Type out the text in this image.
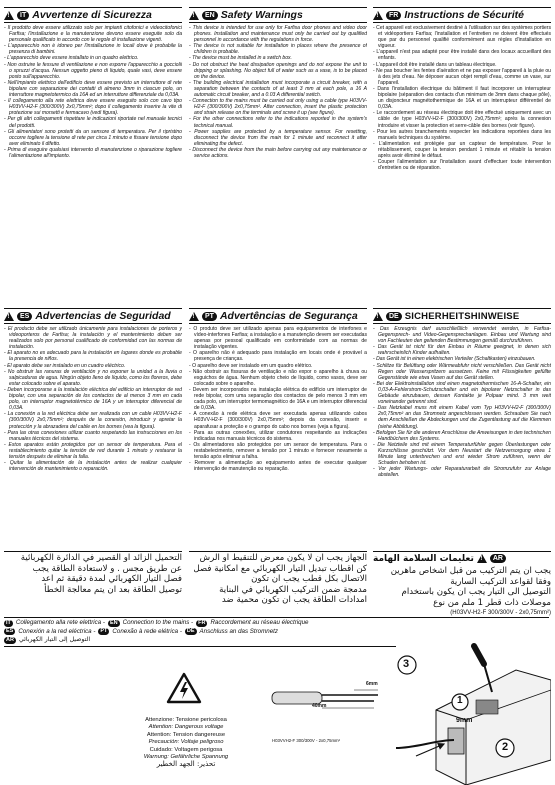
!
IT Avvertenze di Sicurezza
- Il prodotto deve essere utilizzato solo per impianti citofonici e videocitofonici Farfisa; l'installazione e la manutenzione devono essere eseguite solo da personale qualificato in accordo con le regole di installazione vigenti.
- L'apparecchio non è idoneo per l'installazione in locali dove è probabile la presenza di bambini.
- L'apparecchio deve essere installato in un quadro elettrico.
- Non ostruire le fessure di ventilazione e non esporre l'apparecchio a gocciolii o spruzzi d'acqua. Nessun oggetto pieno di liquido, quale vasi, deve essere posto sull'apparecchio.
- Nell'impianto elettrico dell'edificio deve essere previsto un interruttore di rete bipolare con separazione dei contatti di almeno 3mm in ciascun polo, un interruttore magnetotermico da 16A ed un interruttore differenziale da 0,03A.
- Il collegamento alla rete elettrica deve essere eseguito solo con cavo tipo H03VV-H2-F (300/300V) 2x0,75mm²; dopo il collegamento inserire la vite di protezione sui morsetti e fermacavo (vedi figura).
- Per gli altri collegamenti rispettare le indicazioni riportate nel manuale tecnici del prodotti.
- Gli alimentatori sono protetti da un sensore di temperatura. Per il ripristino occorre togliere la tensione di rete per circa 1 minuto e fissare tensione dopo aver eliminato il difetto.
- Prima di eseguire qualsiasi intervento di manutenzione o riparazione togliere l'alimentazione all'impianto.
!
EN Safety Warnings
- This device is intended for use only for Farfisa door phones and video door phones. Installation and maintenance must only be carried out by qualified personnel in accordance with the regulations in force.
- The device is not suitable for installation in places where the presence of children is probable.
- The device must be installed in a switch box.
- Do not obstruct the heat dissipation openings and do not expose the unit to dripping or splashing. No object full of water such as a vase, is to be placed on the device.
- The building electrical installation must incorporate a circuit breaker, with a separation between the contacts of at least 3 mm at each pole, a 16 A automatic circuit breaker, and a 0.03 A differential switch.
- Connection to the mains must be carried out only using a cable type H03VV-H2-F (300/300V) 2x0,75mm². After connection, insert the plastic protection and strain release on the terminals and screw it up (see figure).
- For the other connections refer to the indications reported in the system's technical manual.
- Power supplies are protected by a temperature sensor. For resetting, disconnect the device from the main for 1 minute and reconnect it after eliminating the defect.
- Disconnect the device from the main before carrying out any maintenance or service actions.
!
FR Instructions de Sécurité
- Cet appareil est exclusivement destiné à l'utilisation sur des systèmes portiers et vidéoportiers Farfisa; l'installation et l'entretien ne doivent être effectués que par du personnel qualifié conformément aux règles d'installation en vigueur.
- L'appareil n'est pas adapté pour être installé dans des locaux accueillant des enfants.
- L'appareil doit être installé dans un tableau électrique.
- Ne pas boucher les fentes d'aération et ne pas exposer l'appareil à la pluie ou à des jets d'eau. Ne déposer aucun objet rempli d'eau, comme un vase, sur l'appareil.
- Dans l'installation électrique du bâtiment il faut incorporer un interrupteur bipolaire (séparation des contacts d'un minimum de 3mm dans chaque pôle), un disjoncteur magnétothermique de 16A et un interrupteur différentiel de 0,03A.
- Le raccordement au réseau électrique doit être effectué uniquement avec un câble de type H03VV-H2-F (300/300V) 2x0,75mm²; après la connexion introduire et visser la protection et serre-câble des bornes (voir figure).
- Pour les autres branchements respecter les indications reportées dans les manuels techniques du système.
- L'alimentation est protégée par un capteur de température. Pour le rétablissement, couper la tension pendant 1 minute et rétablir la tension après avoir éliminé le défaut.
- Couper l'alimentation sur l'installation avant d'effectuer toute intervention d'entretien ou de réparation.
!
ES Advertencias de Seguridad
- El producto debe ser utilizado únicamente para instalaciones de porteros y videoporteros de Farfisa; la instalación y el mantenimiento deben ser realizados solo por personal cualificado de conformidad con las normas de instalación.
- El aparato no es adecuado para la instalación en lugares donde es probable la presencia de niños.
- El aparato debe ser instalado en un cuadro eléctrico.
- No obstruir las ranuras de ventilación y no exponer la unidad a la lluvia o salpicaduras de agua. Ningún objeto lleno de líquido, como los floreros, debe estar colocado sobre el aparato.
- Deben incorporarse a la instalación eléctrica del edificio un interruptor de red bipolar, con una separación de los contactos de al menos 3 mm en cada polo, un interruptor magnetotérmico de 16A y un interruptor diferencial de 0,03A.
- La conexión a la red eléctrica debe ser realizada con un cable H03VV-H2-F (300/300V) 2x0,75mm²; después de la conexión, introducir y apretar la protección y la abrazadera del cable en los bornes (vea la figura).
- Para las otras conexiones utilizar cuanto respetando las instrucciones en los manuales técnicos del sistema.
- Estos aparatos están protegidos por un sensor de temperatura. Para el restablecimiento quitar la tensión de red durante 1 minuto y restaurar la tensión después de eliminar la falla.
- Quitar la alimentación de la instalación antes de realizar cualquier intervención de mantenimiento o reparación.
!
PT Advertências de Segurança
- O produto deve ser utilizado apenas para equipamentos de interfones e vídeo-interfones Farfisa; a instalação e a manutenção devem ser executadas apenas por pessoal qualificado em conformidade com as normas de instalação vigentes.
- O aparelho não é adequado para instalação em locais onde é provável a presença de crianças.
- O aparelho deve ser instalado em um quadro elétrico.
- Não obstruir as fissuras de ventilação e não expor o aparelho à chuva ou esguichos de água. Nenhum objeto cheio de líquido, como vasos, deve ser colocado sobre o aparelho.
- Devem ser incorporados na instalação elétrica do edifício um interruptor de rede bipolar, com uma separação dos contactos de pelo menos 3 mm em cada polo, um interruptor termomagnético de 16A e um interruptor diferencial de 0,03A.
- A conexão à rede elétrica deve ser executada apenas utilizando cabos H03VV-H2-F (300/300V) 2x0,75mm²; depois da conexão, inserir e aparafusar a proteção e o grampo do cabo nos bornes (veja a figura).
- Para as outras conexões, utilizar condutores respeitando as indicações indicadas nos manuais técnicos do sistema.
- Os alimentadores são protegidos por um sensor de temperatura. Para o restabelecimento, remover a tensão por 1 minuto e fornecer novamente a tensão após eliminar a falha.
- Remover a alimentação ao equipamento antes de executar qualquer intervenção de manutenção ou reparação.
!
DE SICHERHEITSHINWEISE
- Das Erzeugnis darf ausschließlich verwendet werden, in Farfisa-Gegensprech- und Video-Gegensprechanlagen. Einbau und Wartung sind von Fachleuten den geltenden Bestimmungen gemäß durchzuführen.
- Das Gerät ist nicht für den Einbau in Räume geeignet, in denen sich wahrscheinlich Kinder aufhalten.
- Das Gerät ist in einen elektrischen Verteiler (Schaltkasten) einzubauen.
- Schlitze für Belüftung oder Wärmeabfuhr nicht verschließen. Das Gerät nicht Regen oder Wasserspritzern aussetzen. Keine mit Flüssigkeiten gefüllte Gegenstände wie etwa Vasen auf das Gerät stellen.
- Bei der Elektroinstallation sind einen magnetothermischen 16-A-Schalter, ein 0,03-A-Fehlerstrom-Schutzschalter und ein bipolarer Netzschalter in das Gebäude einzubauen, dessen Kontakte je Polpaar mind. 3 mm weit voneinander getrennt sind.
- Das Netzkabel muss mit einem Kabel vom Typ H03VV-H2-F (300/300V) 2x0,75mm² an das Stromnetz angeschlossen werden. Schrauben Sie nach dem Anschließen die Abdeckungen und die Zugentlastung auf die Klemmen (siehe Abbildung).
- Befolgen Sie für die anderen Anschlüsse die Anweisungen in den technischen Handbüchern des Systems.
- Die Netzteile sind mit einem Temperaturfühler gegen Überlastungen oder Kurzschlüsse geschützt. Vor dem Neustart die Netzversorgung etwa 1 Minute lang unterbrechen und erst wieder Strom zuführen, wenn der Schaden behoben ist.
- Vor jeder Wartungs- oder Reparaturarbeit die Stromzufuhr zur Anlage abstellen.
AR
!
تعليمات السلامة الهامة
يجب ان يتم التركيب من قبل اشخاص ماهرين
وفقا لقواعد التركيب السارية
التوصيل الى التيار يجب ان يكون باستخدام
موصلات ذات قطر 1 ملم من نوع
(H03VV-H2-F 300/300V - 2x0,75mm²)
الجهاز يجب ان لا يكون معرض للتنقيط او الرش
كن اقطاب تبديل التيار الكهربائي مع امكانية فصل الاتصال بكل قطب يجب ان تكون
مدمجة ضمن التركيب الكهربائي في البناية
امدادات الطاقة يجب ان تكون محمية ضد
التحميل الزائد او القصير في الدائرة الكهربائية
عن طريق مجس . و لاستعادة الطاقة يجب
فصل التيار الكهربائي لمدة دقيقة ثم اعد
توصيل الطاقة بعد ان يتم معالجة الخطأ
IT Collegamento alla rete elettrica - EN Connection to the mains - FR Raccordement au réseau électrique
ES Conexión a la red eléctrica - PT Conexão à rede elétrica - DE Anschluss an das Stromnetz
AR التوصيل إلى التيار الكهربائي
Attenzione: Tensione pericolosa
Attention: Dangerous voltage
Attention: Tension dangereuse
Precaución: Voltaje peligroso
Cuidado: Voltagem perigosa
Warnung: Gefährliche Spannung
تحذير: الجهد الخطير
6mm
40mm
H03VVH2-F 300/300V - 2x0,75mm²
3
1
2
9mm
